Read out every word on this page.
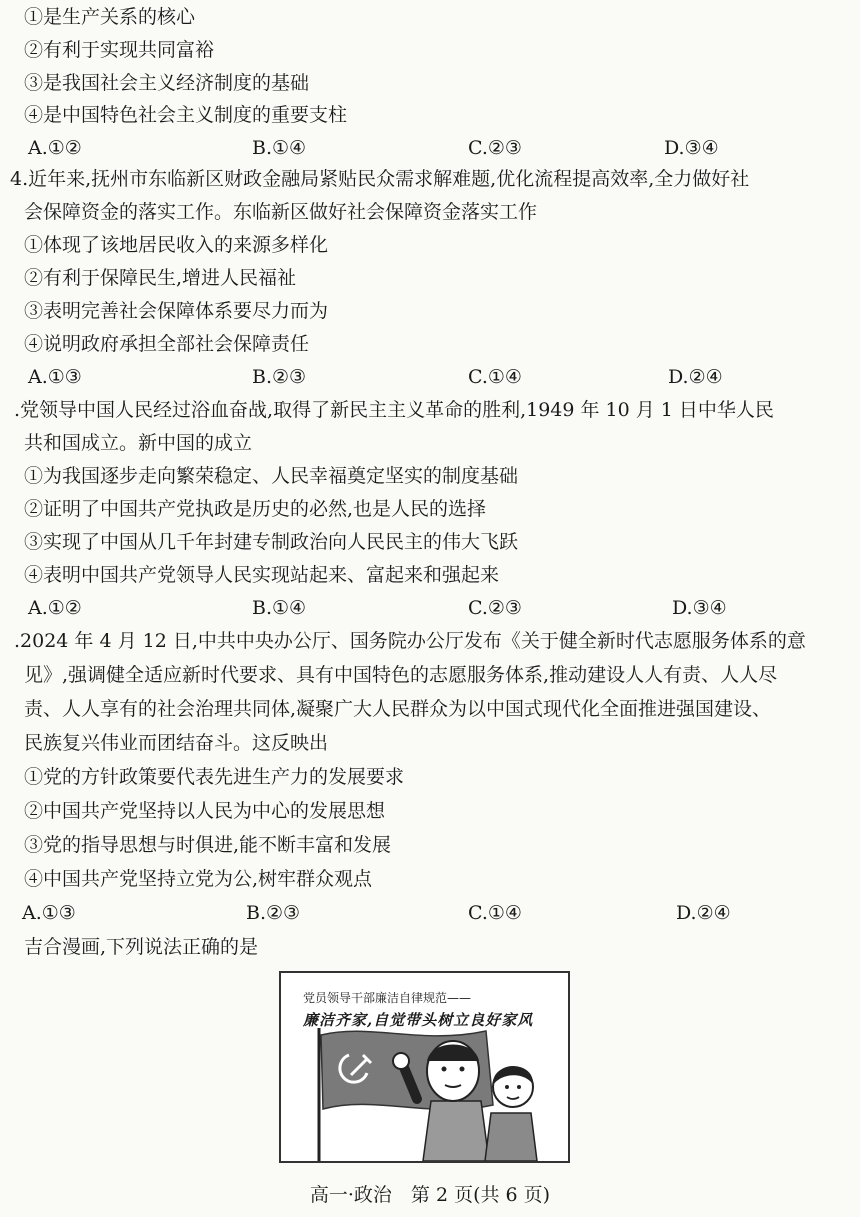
①是生产关系的核心
②有利于实现共同富裕
③是我国社会主义经济制度的基础
④是中国特色社会主义制度的重要支柱
A.①②	B.①④	C.②③	D.③④
4.近年来,抚州市东临新区财政金融局紧贴民众需求解难题,优化流程提高效率,全力做好社
会保障资金的落实工作。东临新区做好社会保障资金落实工作
①体现了该地居民收入的来源多样化
②有利于保障民生,增进人民福祉
③表明完善社会保障体系要尽力而为
④说明政府承担全部社会保障责任
A.①③	B.②③	C.①④	D.②④
.党领导中国人民经过浴血奋战,取得了新民主主义革命的胜利,1949 年 10 月 1 日中华人民
共和国成立。新中国的成立
①为我国逐步走向繁荣稳定、人民幸福奠定坚实的制度基础
②证明了中国共产党执政是历史的必然,也是人民的选择
③实现了中国从几千年封建专制政治向人民民主的伟大飞跃
④表明中国共产党领导人民实现站起来、富起来和强起来
A.①②	B.①④	C.②③	D.③④
.2024 年 4 月 12 日,中共中央办公厅、国务院办公厅发布《关于健全新时代志愿服务体系的意
见》,强调健全适应新时代要求、具有中国特色的志愿服务体系,推动建设人人有责、人人尽
责、人人享有的社会治理共同体,凝聚广大人民群众为以中国式现代化全面推进强国建设、
民族复兴伟业而团结奋斗。这反映出
①党的方针政策要代表先进生产力的发展要求
②中国共产党坚持以人民为中心的发展思想
③党的指导思想与时俱进,能不断丰富和发展
④中国共产党坚持立党为公,树牢群众观点
A.①③	B.②③	C.①④	D.②④
吉合漫画,下列说法正确的是
党员领导干部廉洁自律规范——
廉洁齐家,自觉带头树立良好家风
高一·政治　第 2 页(共 6 页)
